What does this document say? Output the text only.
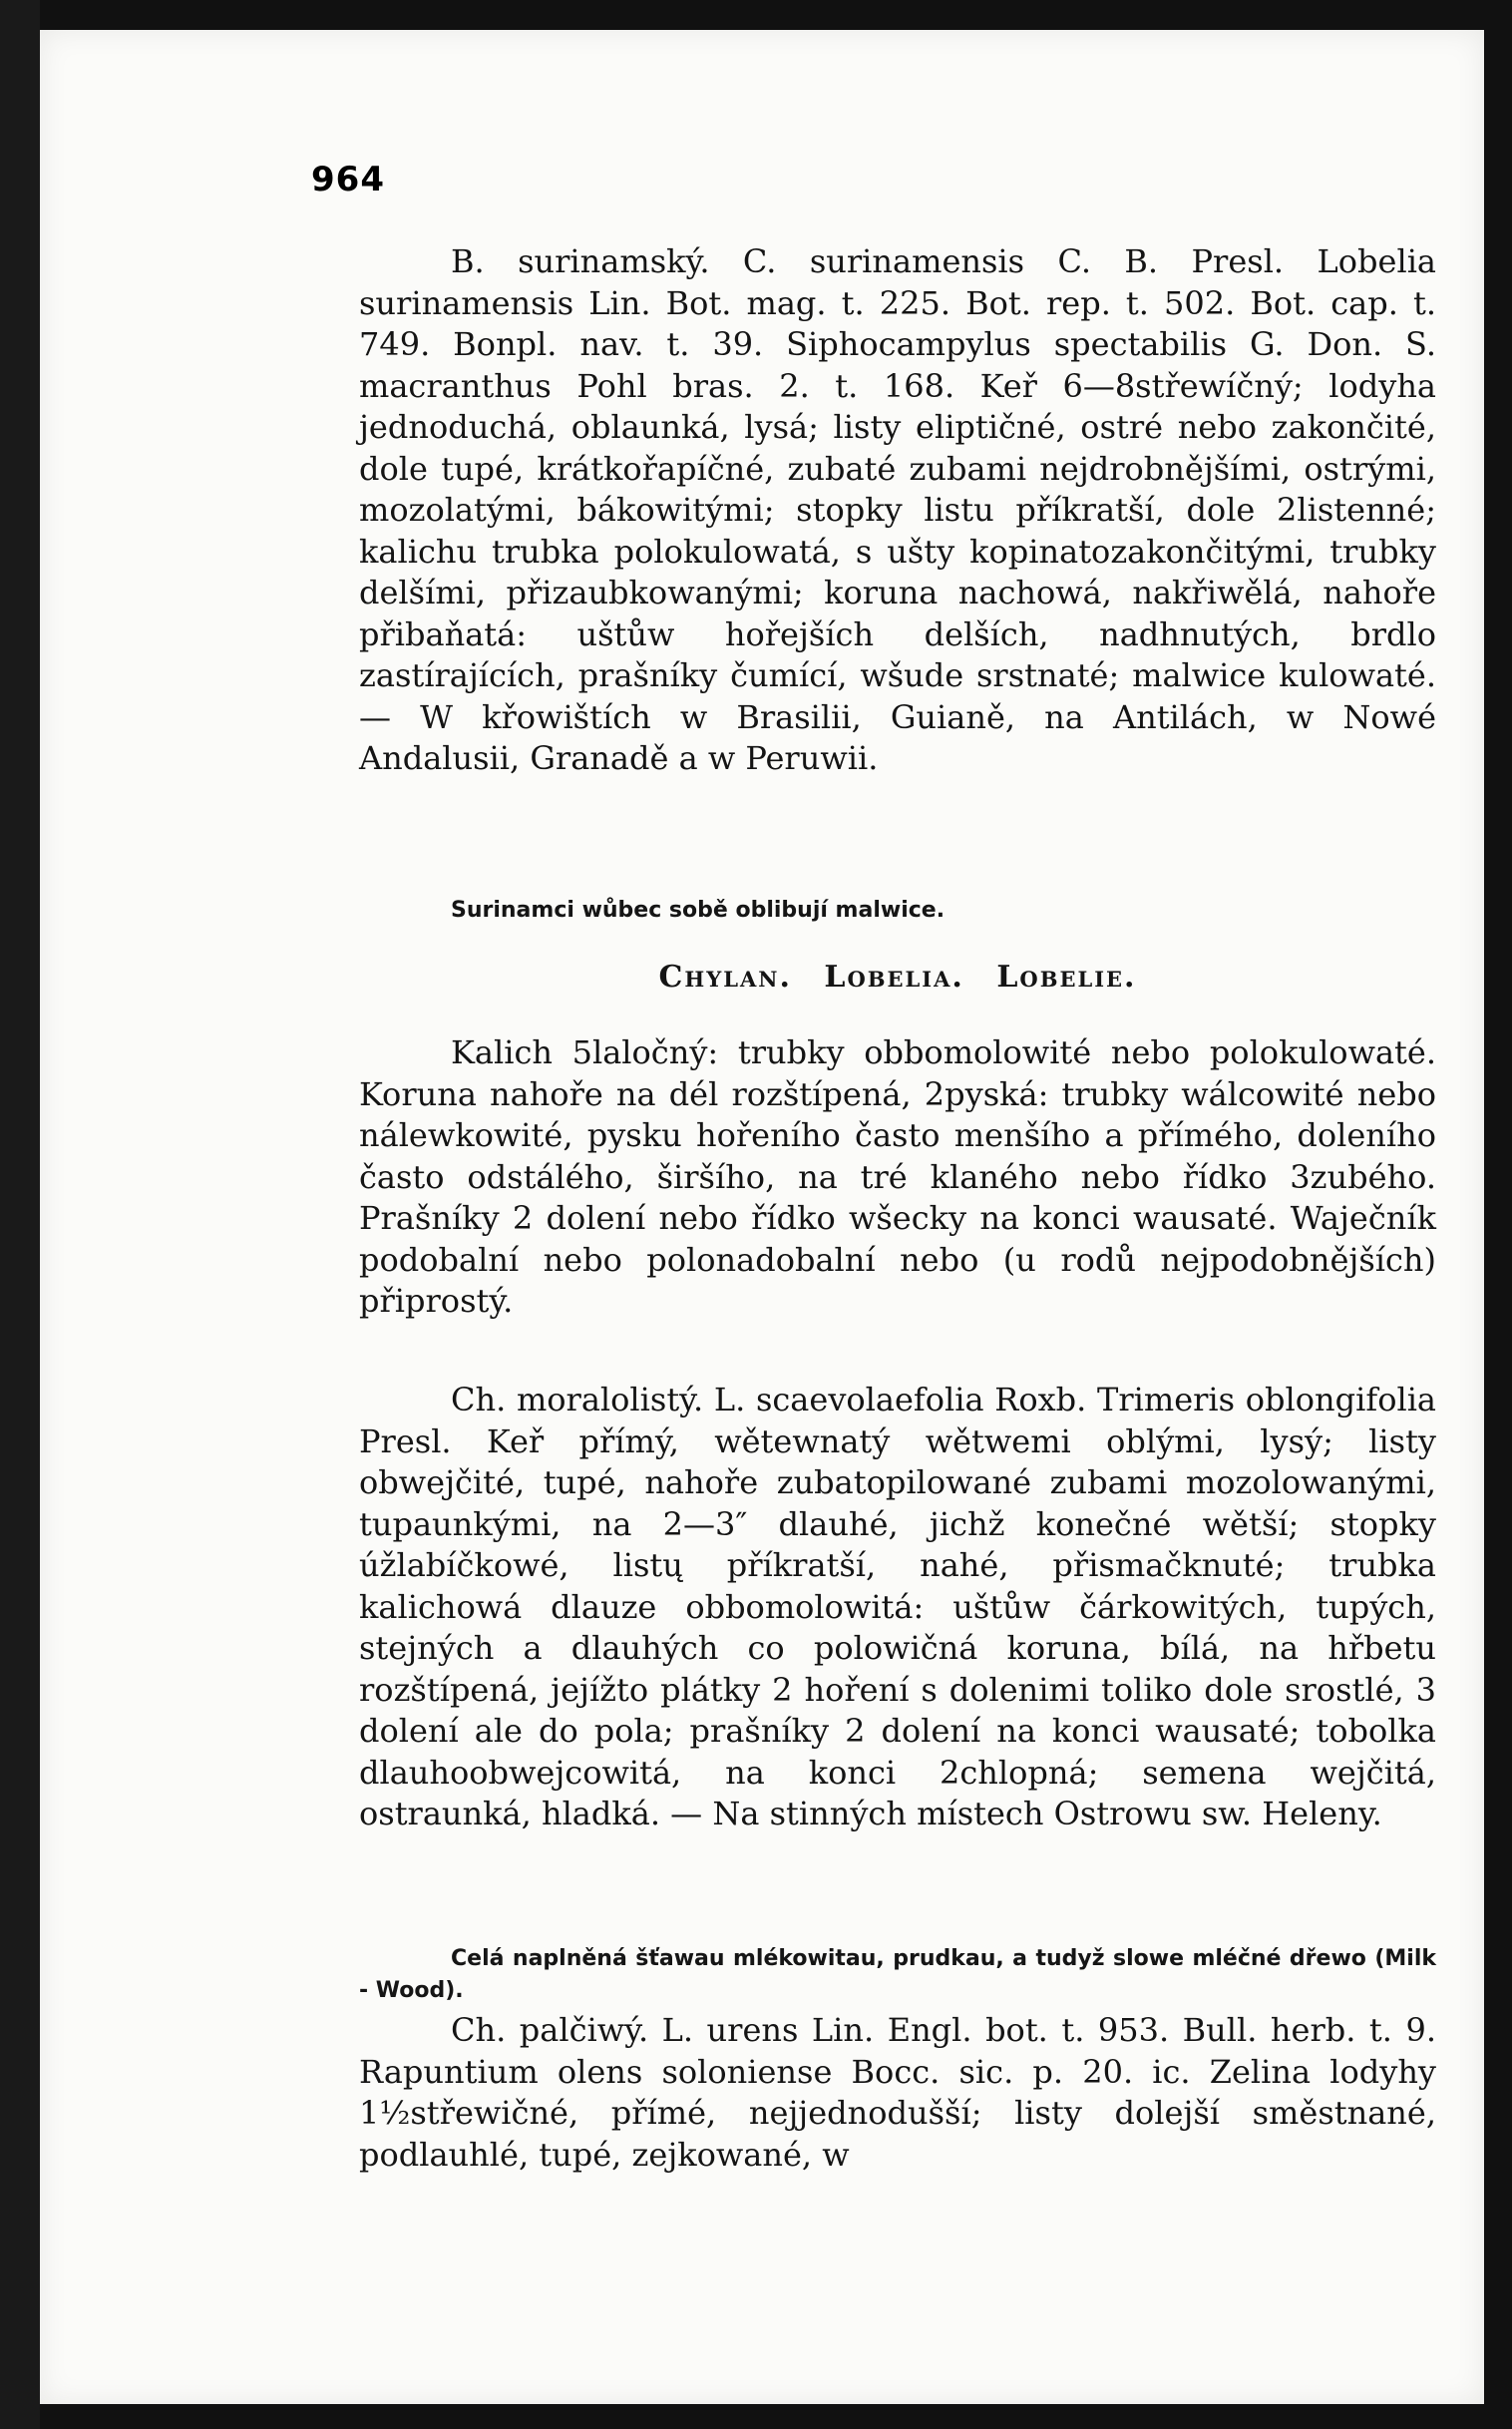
964

B. surinamský. C. surinamensis C. B. Presl. Lobelia surinamensis Lin. Bot. mag. t. 225. Bot. rep. t. 502. Bot. cap. t. 749. Bonpl. nav. t. 39. Siphocampylus spectabilis G. Don. S. macranthus Pohl bras. 2. t. 168. Keř 6—8střewíčný; lodyha jednoduchá, oblaunká, lysá; listy eliptičné, ostré nebo zakončité, dole tupé, krátkořapíčné, zubaté zubami nejdrobnějšími, ostrými, mozolatými, bákowitými; stopky listu příkratší, dole 2listenné; kalichu trubka polokulowatá, s ušty kopinatozakončitými, trubky delšími, přizaubkowanými; koruna nachowá, nakřiwělá, nahoře přibaňatá: uštůw hořejších delších, nadhnutých, brdlo zastírajících, prašníky čumící, wšude srstnaté; malwice kulowaté. — W křowištích w Brasilii, Guianě, na Antilách, w Nowé Andalusii, Granadě a w Peruwii.

Surinamci wůbec sobě oblibují malwice.

Chylan. Lobelia. Lobelie.

Kalich 5laločný: trubky obbomolowité nebo polokulowaté. Koruna nahoře na dél rozštípená, 2pyská: trubky wálcowité nebo nálewkowité, pysku hořeního často menšího a příméhо, doleního často odstálého, širšího, na tré klaného nebo řídko 3zubého. Prašníky 2 dolení nebo řídko wšecky na konci wausaté. Waječník podobalní nebo polonadobalní nebo (u rodů nejpodobnějších) připrostý.

Ch. moralolistý. L. scaevolaefolia Roxb. Trimeris oblongifolia Presl. Keř přímý, wětewnatý wětwemi oblými, lysý; listy obwejčité, tupé, nahoře zubatopilowané zubami mozolowanými, tupaunkými, na 2—3″ dlauhé, jichž konečné wětší; stopky úžlabíčkowé, listų příkratší, nahé, přismačknuté; trubka kalichowá dlauze obbomolowitá: uštůw čárkowitých, tupých, stejných a dlauhých co polowičná koruna, bílá, na hřbetu rozštípená, jejížto plátky 2 hoření s dolenimi toliko dole srostlé, 3 dolení ale do pola; prašníky 2 dolení na konci wausaté; tobolka dlauhoobwejcowitá, na konci 2chlopná; semena wejčitá, ostraunká, hladká. — Na stinných místech Ostrowu sw. Heleny.

Celá naplněná šťawau mlékowitau, prudkau, a tudyž slowe mléčné dřewo (Milk - Wood).

Ch. palčiwý. L. urens Lin. Engl. bot. t. 953. Bull. herb. t. 9. Rapuntium olens soloniense Bocc. sic. p. 20. ic. Zelina lodyhy 1½střewičné, přímé, nejjednodušší; listy dolejší směstnané, podlauhlé, tupé, zejkowané, w
